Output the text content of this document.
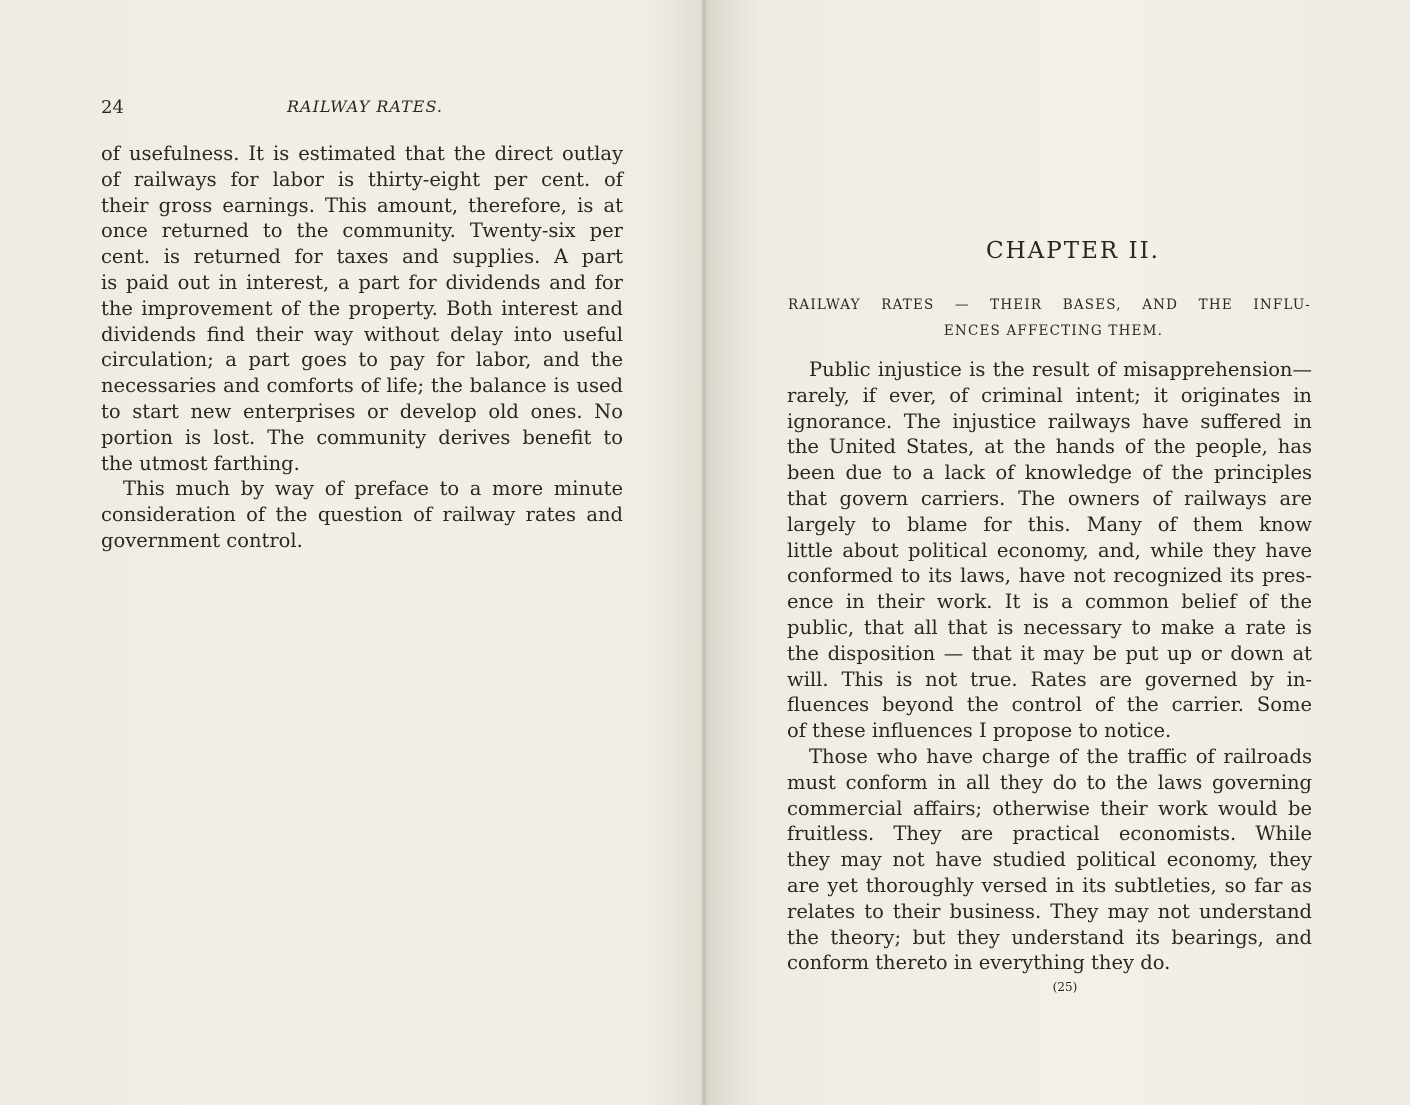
24	RAILWAY RATES.
of usefulness. It is estimated that the direct outlay
of railways for labor is thirty-eight per cent. of
their gross earnings. This amount, therefore, is at
once returned to the community. Twenty-six per
cent. is returned for taxes and supplies. A part
is paid out in interest, a part for dividends and for
the improvement of the property. Both interest and
dividends find their way without delay into useful
circulation; a part goes to pay for labor, and the
necessaries and comforts of life; the balance is used
to start new enterprises or develop old ones. No
portion is lost. The community derives benefit to
the utmost farthing.
This much by way of preface to a more minute
consideration of the question of railway rates and
government control.
CHAPTER II.
RAILWAY RATES — THEIR BASES, AND THE INFLU-
ENCES AFFECTING THEM.
Public injustice is the result of misapprehension—
rarely, if ever, of criminal intent; it originates in
ignorance. The injustice railways have suffered in
the United States, at the hands of the people, has
been due to a lack of knowledge of the principles
that govern carriers. The owners of railways are
largely to blame for this. Many of them know
little about political economy, and, while they have
conformed to its laws, have not recognized its pres-
ence in their work. It is a common belief of the
public, that all that is necessary to make a rate is
the disposition — that it may be put up or down at
will. This is not true. Rates are governed by in-
fluences beyond the control of the carrier. Some
of these influences I propose to notice.
Those who have charge of the traffic of railroads
must conform in all they do to the laws governing
commercial affairs; otherwise their work would be
fruitless. They are practical economists. While
they may not have studied political economy, they
are yet thoroughly versed in its subtleties, so far as
relates to their business. They may not understand
the theory; but they understand its bearings, and
conform thereto in everything they do.
(25)
